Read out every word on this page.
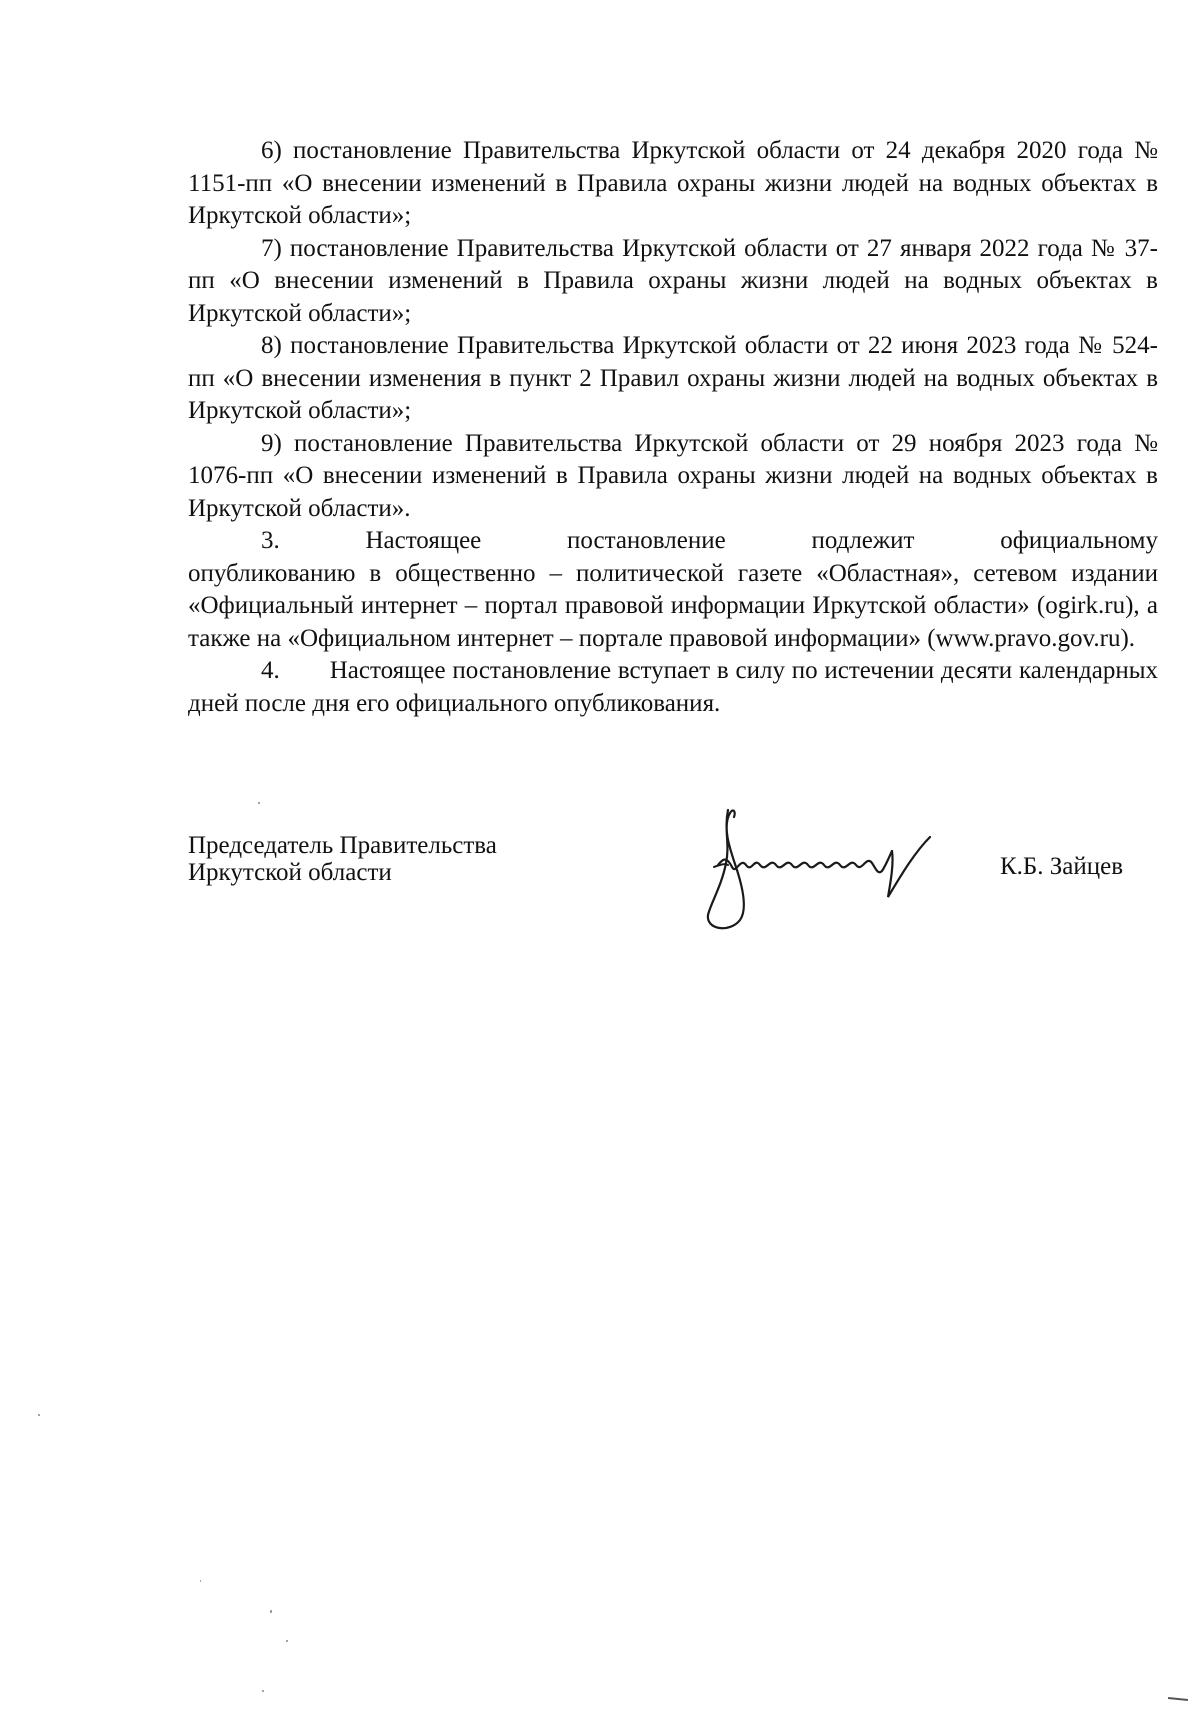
6) постановление Правительства Иркутской области от 24 декабря 2020 года № 1151-пп «О внесении изменений в Правила охраны жизни людей на водных объектах в Иркутской области»;

7) постановление Правительства Иркутской области от 27 января 2022 года № 37-пп «О внесении изменений в Правила охраны жизни людей на водных объектах в Иркутской области»;

8) постановление Правительства Иркутской области от 22 июня 2023 года № 524-пп «О внесении изменения в пункт 2 Правил охраны жизни людей на водных объектах в Иркутской области»;

9) постановление Правительства Иркутской области от 29 ноября 2023 года № 1076-пп «О внесении изменений в Правила охраны жизни людей на водных объектах в Иркутской области».

3.	Настоящее	постановление	подлежит	официальному

опубликованию в общественно – политической газете «Областная», сетевом издании «Официальный интернет – портал правовой информации Иркутской области» (ogirk.ru), а также на «Официальном интернет – портале правовой информации» (www.pravo.gov.ru).

4.  Настоящее постановление вступает в силу по истечении десяти календарных дней после дня его официального опубликования.

Председатель Правительства
Иркутской области	К.Б. Зайцев
